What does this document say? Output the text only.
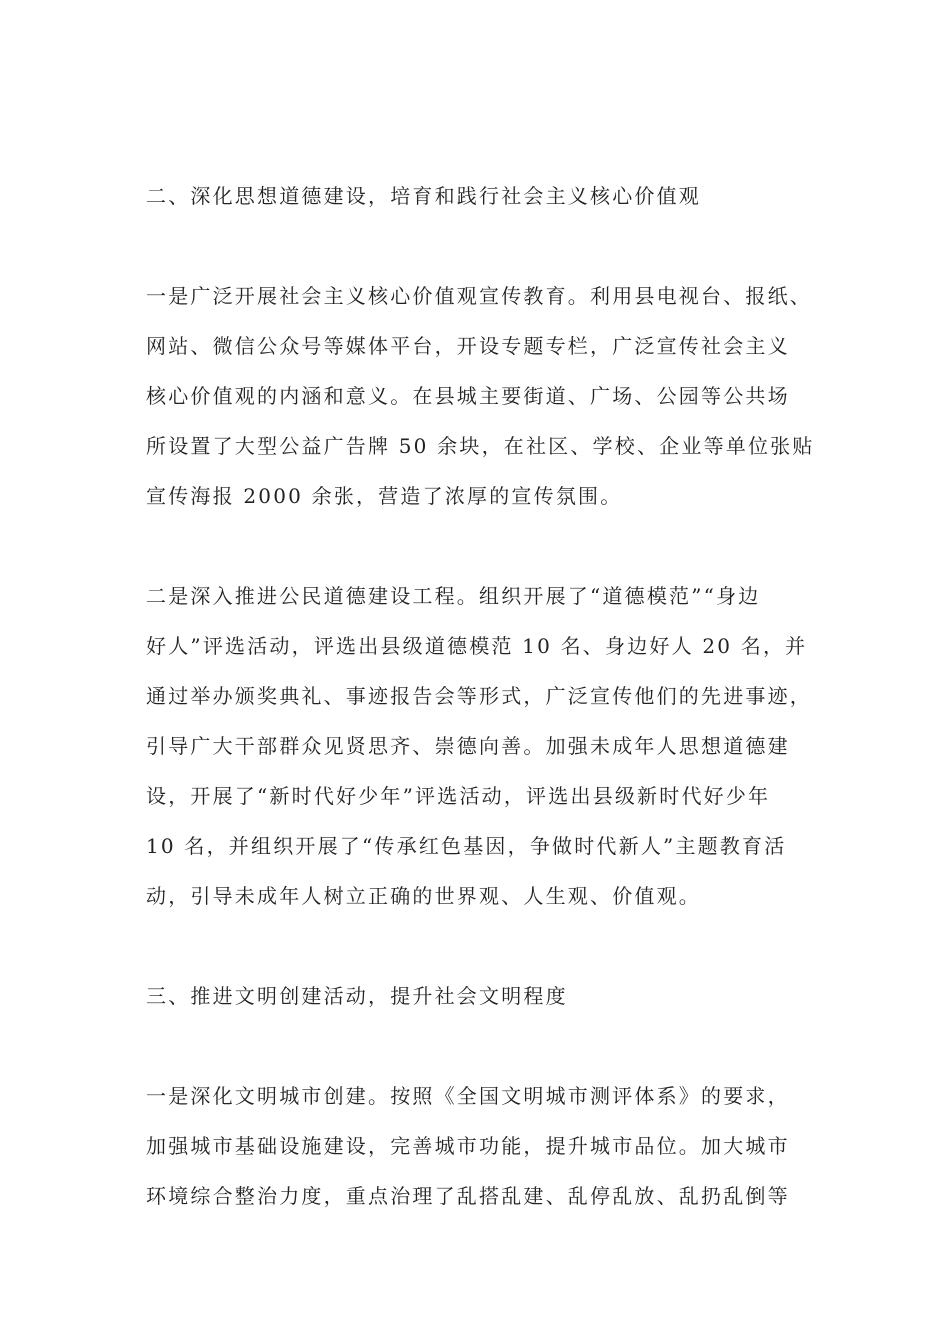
二、深化思想道德建设，培育和践行社会主义核心价值观

一是广泛开展社会主义核心价值观宣传教育。利用县电视台、报纸、
网站、微信公众号等媒体平台，开设专题专栏，广泛宣传社会主义
核心价值观的内涵和意义。在县城主要街道、广场、公园等公共场
所设置了大型公益广告牌 50 余块，在社区、学校、企业等单位张贴
宣传海报 2000 余张，营造了浓厚的宣传氛围。

二是深入推进公民道德建设工程。组织开展了“道德模范”“身边
好人”评选活动，评选出县级道德模范 10 名、身边好人 20 名，并
通过举办颁奖典礼、事迹报告会等形式，广泛宣传他们的先进事迹，
引导广大干部群众见贤思齐、崇德向善。加强未成年人思想道德建
设，开展了“新时代好少年”评选活动，评选出县级新时代好少年
10 名，并组织开展了“传承红色基因，争做时代新人”主题教育活
动，引导未成年人树立正确的世界观、人生观、价值观。

三、推进文明创建活动，提升社会文明程度

一是深化文明城市创建。按照《全国文明城市测评体系》的要求，
加强城市基础设施建设，完善城市功能，提升城市品位。加大城市
环境综合整治力度，重点治理了乱搭乱建、乱停乱放、乱扔乱倒等
